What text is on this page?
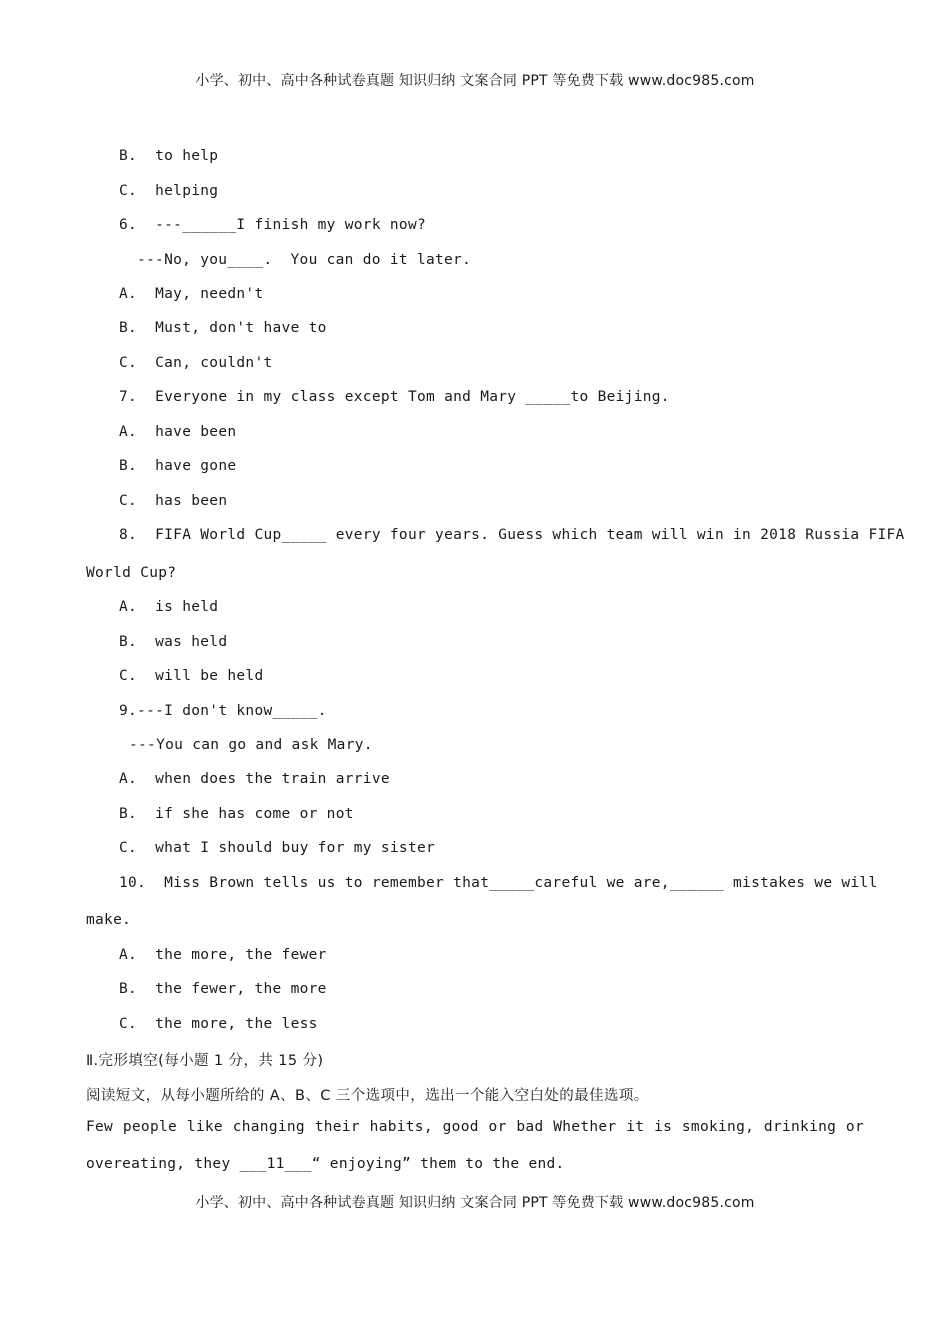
小学、初中、高中各种试卷真题 知识归纳 文案合同 PPT 等免费下载 www.doc985.com
B.  to help
C.  helping
6.  ---______I finish my work now?
---No, you____.  You can do it later.
A.  May, needn't
B.  Must, don't have to
C.  Can, couldn't
7.  Everyone in my class except Tom and Mary _____to Beijing.
A.  have been
B.  have gone
C.  has been
8.  FIFA World Cup_____ every four years. Guess which team will win in 2018 Russia FIFA
World Cup?
A.  is held
B.  was held
C.  will be held
9.---I don't know_____.
---You can go and ask Mary.
A.  when does the train arrive
B.  if she has come or not
C.  what I should buy for my sister
10.  Miss Brown tells us to remember that_____careful we are,______ mistakes we will
make.
A.  the more, the fewer
B.  the fewer, the more
C.  the more, the less
Ⅱ.完形填空(每小题 1 分，共 15 分)
阅读短文，从每小题所给的 A、B、C 三个选项中，选出一个能入空白处的最佳选项。
Few people like changing their habits, good or bad Whether it is smoking, drinking or
overeating, they ___11___“ enjoying” them to the end.
小学、初中、高中各种试卷真题 知识归纳 文案合同 PPT 等免费下载 www.doc985.com
